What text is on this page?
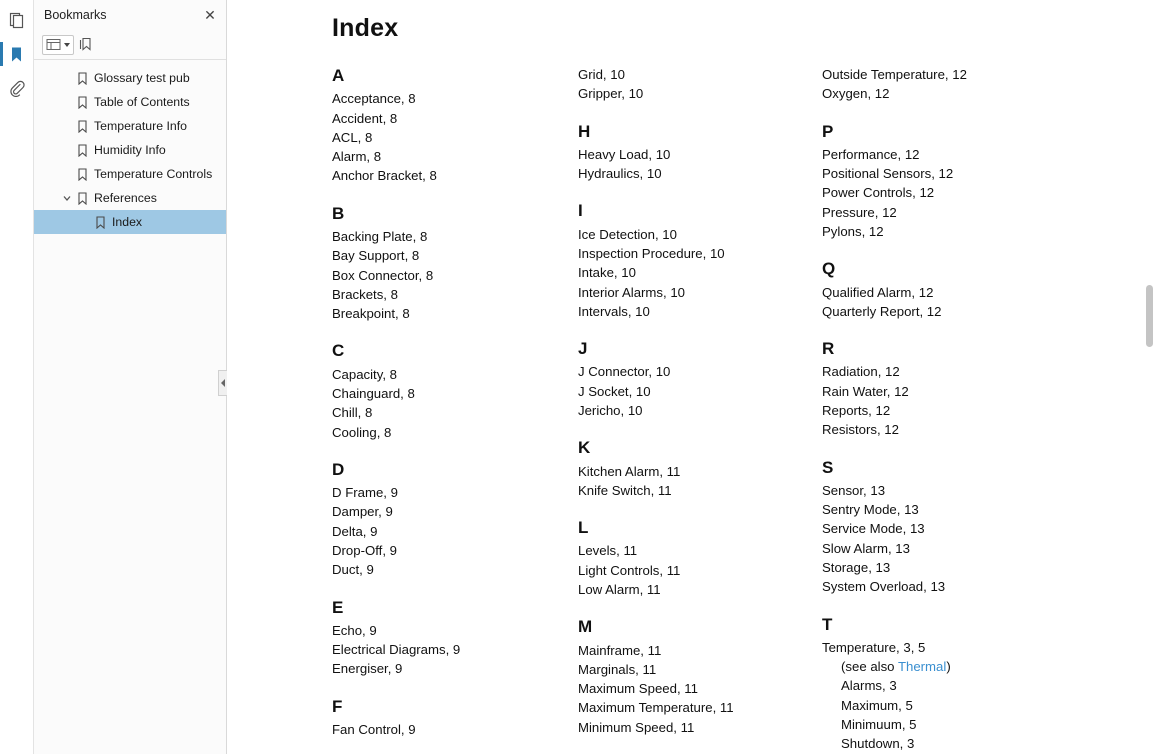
Bookmarks	✕
Glossary test pub
Table of Contents
Temperature Info
Humidity Info
Temperature Controls
References
Index
Index
A
Acceptance, 8
Accident, 8
ACL, 8
Alarm, 8
Anchor Bracket, 8
B
Backing Plate, 8
Bay Support, 8
Box Connector, 8
Brackets, 8
Breakpoint, 8
C
Capacity, 8
Chainguard, 8
Chill, 8
Cooling, 8
D
D Frame, 9
Damper, 9
Delta, 9
Drop-Off, 9
Duct, 9
E
Echo, 9
Electrical Diagrams, 9
Energiser, 9
F
Fan Control, 9
Grid, 10
Gripper, 10
H
Heavy Load, 10
Hydraulics, 10
I
Ice Detection, 10
Inspection Procedure, 10
Intake, 10
Interior Alarms, 10
Intervals, 10
J
J Connector, 10
J Socket, 10
Jericho, 10
K
Kitchen Alarm, 11
Knife Switch, 11
L
Levels, 11
Light Controls, 11
Low Alarm, 11
M
Mainframe, 11
Marginals, 11
Maximum Speed, 11
Maximum Temperature, 11
Minimum Speed, 11
Outside Temperature, 12
Oxygen, 12
P
Performance, 12
Positional Sensors, 12
Power Controls, 12
Pressure, 12
Pylons, 12
Q
Qualified Alarm, 12
Quarterly Report, 12
R
Radiation, 12
Rain Water, 12
Reports, 12
Resistors, 12
S
Sensor, 13
Sentry Mode, 13
Service Mode, 13
Slow Alarm, 13
Storage, 13
System Overload, 13
T
Temperature, 3, 5
(see also Thermal)
Alarms, 3
Maximum, 5
Minimuum, 5
Shutdown, 3
